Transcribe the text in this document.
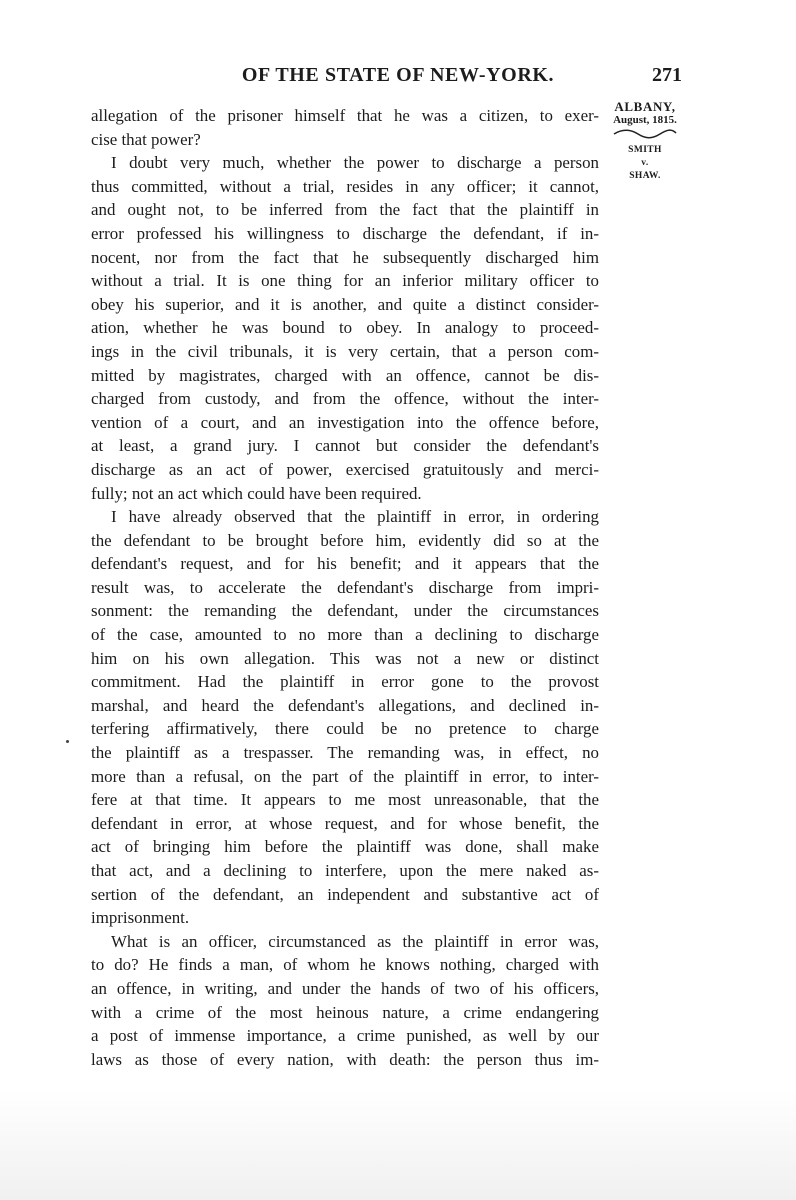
OF THE STATE OF NEW-YORK.	271
ALBANY,
August, 1815.
SMITH
v.
SHAW.
allegation of the prisoner himself that he was a citizen, to exer-
cise that power?
I doubt very much, whether the power to discharge a person
thus committed, without a trial, resides in any officer; it cannot,
and ought not, to be inferred from the fact that the plaintiff in
error professed his willingness to discharge the defendant, if in-
nocent, nor from the fact that he subsequently discharged him
without a trial. It is one thing for an inferior military officer to
obey his superior, and it is another, and quite a distinct consider-
ation, whether he was bound to obey. In analogy to proceed-
ings in the civil tribunals, it is very certain, that a person com-
mitted by magistrates, charged with an offence, cannot be dis-
charged from custody, and from the offence, without the inter-
vention of a court, and an investigation into the offence before,
at least, a grand jury. I cannot but consider the defendant's
discharge as an act of power, exercised gratuitously and merci-
fully; not an act which could have been required.
I have already observed that the plaintiff in error, in ordering
the defendant to be brought before him, evidently did so at the
defendant's request, and for his benefit; and it appears that the
result was, to accelerate the defendant's discharge from impri-
sonment: the remanding the defendant, under the circumstances
of the case, amounted to no more than a declining to discharge
him on his own allegation. This was not a new or distinct
commitment. Had the plaintiff in error gone to the provost
marshal, and heard the defendant's allegations, and declined in-
terfering affirmatively, there could be no pretence to charge
the plaintiff as a trespasser. The remanding was, in effect, no
more than a refusal, on the part of the plaintiff in error, to inter-
fere at that time. It appears to me most unreasonable, that the
defendant in error, at whose request, and for whose benefit, the
act of bringing him before the plaintiff was done, shall make
that act, and a declining to interfere, upon the mere naked as-
sertion of the defendant, an independent and substantive act of
imprisonment.
What is an officer, circumstanced as the plaintiff in error was,
to do? He finds a man, of whom he knows nothing, charged with
an offence, in writing, and under the hands of two of his officers,
with a crime of the most heinous nature, a crime endangering
a post of immense importance, a crime punished, as well by our
laws as those of every nation, with death: the person thus im-
